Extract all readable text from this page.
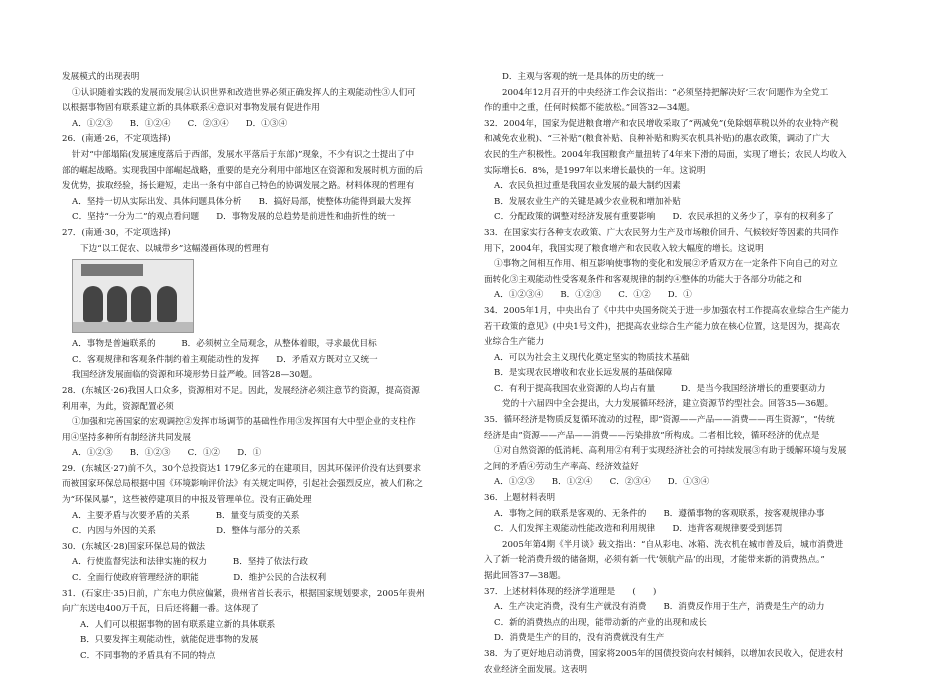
发展模式的出现表明
①认识随着实践的发展而发展②认识世界和改造世界必须正确发挥人的主观能动性③人们可
以根据事物固有联系建立新的具体联系④意识对事物发展有促进作用
A．①②③　　B．①②④　　C．②③④　　D．①③④
26．(南通·26，不定项选择)
针对“中部塌陷(发展速度落后于西部，发展水平落后于东部)”现象，不少有识之士提出了中
部的崛起战略。实现我国中部崛起战略，重要的是充分利用中部地区在资源和发展时机方面的后
发优势，拔取经验，扬长避短，走出一条有中部自己特色的协调发展之路。材料体现的哲理有
A．坚持一切从实际出发、具体问题具体分析　　B．搞好局部，使整体功能得到最大发挥
C．坚持“一分为二”的观点看问题　　D．事物发展的总趋势是前进性和曲折性的统一
27．(南通·30，不定项选择)
下边“以工促农、以城带乡”这幅漫画体现的哲理有
A．事物是普遍联系的　　　B．必须树立全局观念，从整体着眼，寻求最优目标
C．客观规律和客观条件制约着主观能动性的发挥　　D．矛盾双方既对立又统一
我国经济发展面临的资源和环境形势日益严峻。回答28—30题。
28．(东城区·26)我国人口众多，资源相对不足。因此，发展经济必须注意节约资源，提高资源
利用率，为此，资源配置必须
①加强和完善国家的宏观调控②发挥市场调节的基础性作用③发挥国有大中型企业的支柱作
用④坚持多种所有制经济共同发展
A．①②③　　B．①②③　　C．①②　　D．①
29．(东城区·27)前不久，30个总投资达1 179亿多元的在建项目，因其环保评价没有达到要求
而被国家环保总局根据中国《环境影响评价法》有关规定叫停，引起社会强烈反应，被人们称之
为“环保风暴”，这些被停建项目的申报及管理单位。没有正确处理
A．主要矛盾与次要矛盾的关系　　　B．量变与质变的关系
C．内因与外因的关系　　　　　　　D．整体与部分的关系
30．(东城区·28)国家环保总局的做法
A．行使监督宪法和法律实施的权力　　　B．坚持了依法行政
C．全面行使政府管理经济的职能　　　　D．维护公民的合法权利
31．(石家庄·35)日前，广东电力供应偏紧，贵州省首长表示，根据国家规划要求，2005年贵州
向广东送电400万千瓦，日后还将翻一番。这体现了
A．人们可以根据事物的固有联系建立新的具体联系
B．只要发挥主观能动性，就能促进事物的发展
C．不同事物的矛盾具有不同的特点
D．主观与客观的统一是具体的历史的统一
2004年12月召开的中央经济工作会议指出：“必须坚持把解决好‘三农’问题作为全党工
作的重中之重，任何时候都不能放松。”回答32—34题。
32．2004年，国家为促进粮食增产和农民增收采取了“两减免”(免除烟草税以外的农业特产税
和减免农业税)、“三补贴”(粮食补贴、良种补贴和购买农机具补贴)的惠农政策，调动了广大
农民的生产积极性。2004年我国粮食产量扭转了4年来下滑的局面，实现了增长；农民人均收入
实际增长6．8%，是1997年以来增长最快的一年。这说明
A．农民负担过重是我国农业发展的最大制约因素
B．发展农业生产的关键是减少农业税和增加补贴
C．分配政策的调整对经济发展有重要影响　　D．农民承担的义务少了，享有的权利多了
33．在国家实行各种支农政策、广大农民努力生产及市场粮价回升、气候较好等因素的共同作
用下，2004年，我国实现了粮食增产和农民收入较大幅度的增长。这说明
①事物之间相互作用、相互影响使事物的变化和发展②矛盾双方在一定条件下向自己的对立
面转化③主观能动性受客观条件和客观规律的制约④整体的功能大于各部分功能之和
A．①②③④　　B．①②③　　C．①②　　D．①
34．2005年1月，中央出台了《中共中央国务院关于进一步加强农村工作提高农业综合生产能力
若干政策的意见》(中央1号文件)，把提高农业综合生产能力放在核心位置，这是因为，提高农
业综合生产能力
A．可以为社会主义现代化奠定坚实的物质技术基础
B．是实现农民增收和农业长远发展的基础保障
C．有利于提高我国农业资源的人均占有量　　　D．是当今我国经济增长的重要驱动力
党的十六届四中全会提出，大力发展循环经济，建立资源节约型社会。回答35—36题。
35．循环经济是物质反复循环流动的过程，即“资源——产品——消费——再生资源”，“传统
经济是由”资源——产品——消费——污染排放”所构成。二者相比较，循环经济的优点是
①对自然资源的低消耗、高利用②有利于实现经济社会的可持续发展③有助于缓解环境与发展
之间的矛盾④劳动生产率高、经济效益好
A．①②③　　B．①②④　　C．②③④　　D．①③④
36．上题材料表明
A．事物之间的联系是客观的、无条件的　　B．遵循事物的客观联系，按客观规律办事
C．人们发挥主观能动性能改造和利用规律　　D．违背客观规律要受到惩罚
2005年第4期《半月谈》载文指出：“自从彩电、冰箱、洗衣机在城市普及后，城市消费进
入了新一轮消费升级的储备期，必须有新一代‘领航产品’的出现，才能带来新的消费热点。”
据此回答37—38题。
37．上述材料体现的经济学道理是　　(　　)
A．生产决定消费，没有生产就没有消费　　B．消费反作用于生产，消费是生产的动力
C．新的消费热点的出现，能带动新的产业的出现和成长
D．消费是生产的目的，没有消费就没有生产
38．为了更好地启动消费，国家将2005年的国债投资向农村倾斜，以增加农民收入，促进农村
农业经济全面发展。这表明
